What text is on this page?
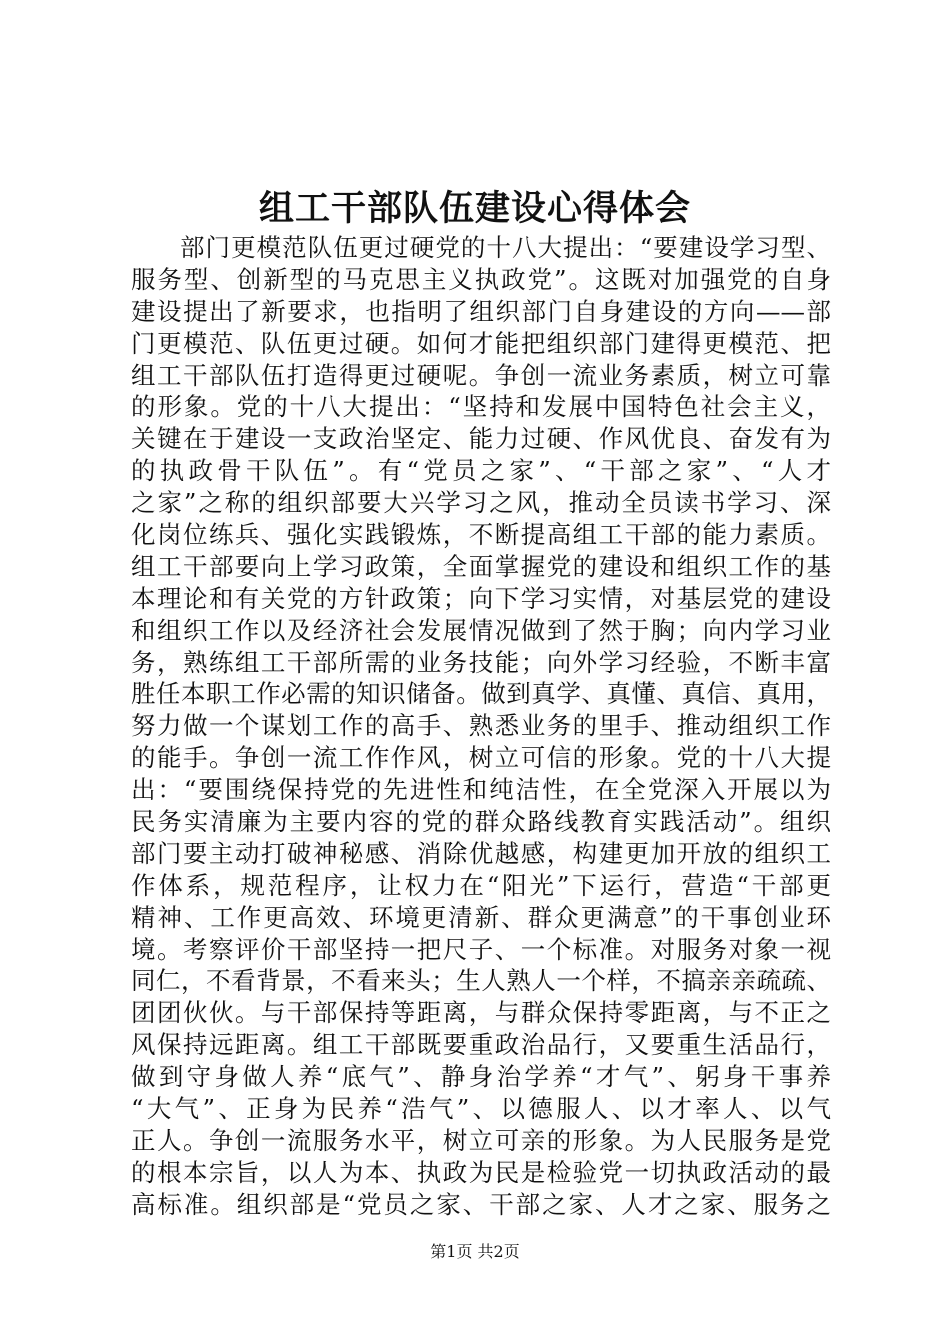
组工干部队伍建设心得体会
部门更模范队伍更过硬党的十八大提出：“要建设学习型、
服务型、创新型的马克思主义执政党”。这既对加强党的自身
建设提出了新要求，也指明了组织部门自身建设的方向——部
门更模范、队伍更过硬。如何才能把组织部门建得更模范、把
组工干部队伍打造得更过硬呢。争创一流业务素质，树立可靠
的形象。党的十八大提出：“坚持和发展中国特色社会主义，
关键在于建设一支政治坚定、能力过硬、作风优良、奋发有为
的执政骨干队伍”。有“党员之家”、“干部之家”、“人才
之家”之称的组织部要大兴学习之风，推动全员读书学习、深
化岗位练兵、强化实践锻炼，不断提高组工干部的能力素质。
组工干部要向上学习政策，全面掌握党的建设和组织工作的基
本理论和有关党的方针政策；向下学习实情，对基层党的建设
和组织工作以及经济社会发展情况做到了然于胸；向内学习业
务，熟练组工干部所需的业务技能；向外学习经验，不断丰富
胜任本职工作必需的知识储备。做到真学、真懂、真信、真用，
努力做一个谋划工作的高手、熟悉业务的里手、推动组织工作
的能手。争创一流工作作风，树立可信的形象。党的十八大提
出：“要围绕保持党的先进性和纯洁性，在全党深入开展以为
民务实清廉为主要内容的党的群众路线教育实践活动”。组织
部门要主动打破神秘感、消除优越感，构建更加开放的组织工
作体系，规范程序，让权力在“阳光”下运行，营造“干部更
精神、工作更高效、环境更清新、群众更满意”的干事创业环
境。考察评价干部坚持一把尺子、一个标准。对服务对象一视
同仁，不看背景，不看来头；生人熟人一个样，不搞亲亲疏疏、
团团伙伙。与干部保持等距离，与群众保持零距离，与不正之
风保持远距离。组工干部既要重政治品行，又要重生活品行，
做到守身做人养“底气”、静身治学养“才气”、躬身干事养
“大气”、正身为民养“浩气”、以德服人、以才率人、以气
正人。争创一流服务水平，树立可亲的形象。为人民服务是党
的根本宗旨，以人为本、执政为民是检验党一切执政活动的最
高标准。组织部是“党员之家、干部之家、人才之家、服务之
第1页 共2页
